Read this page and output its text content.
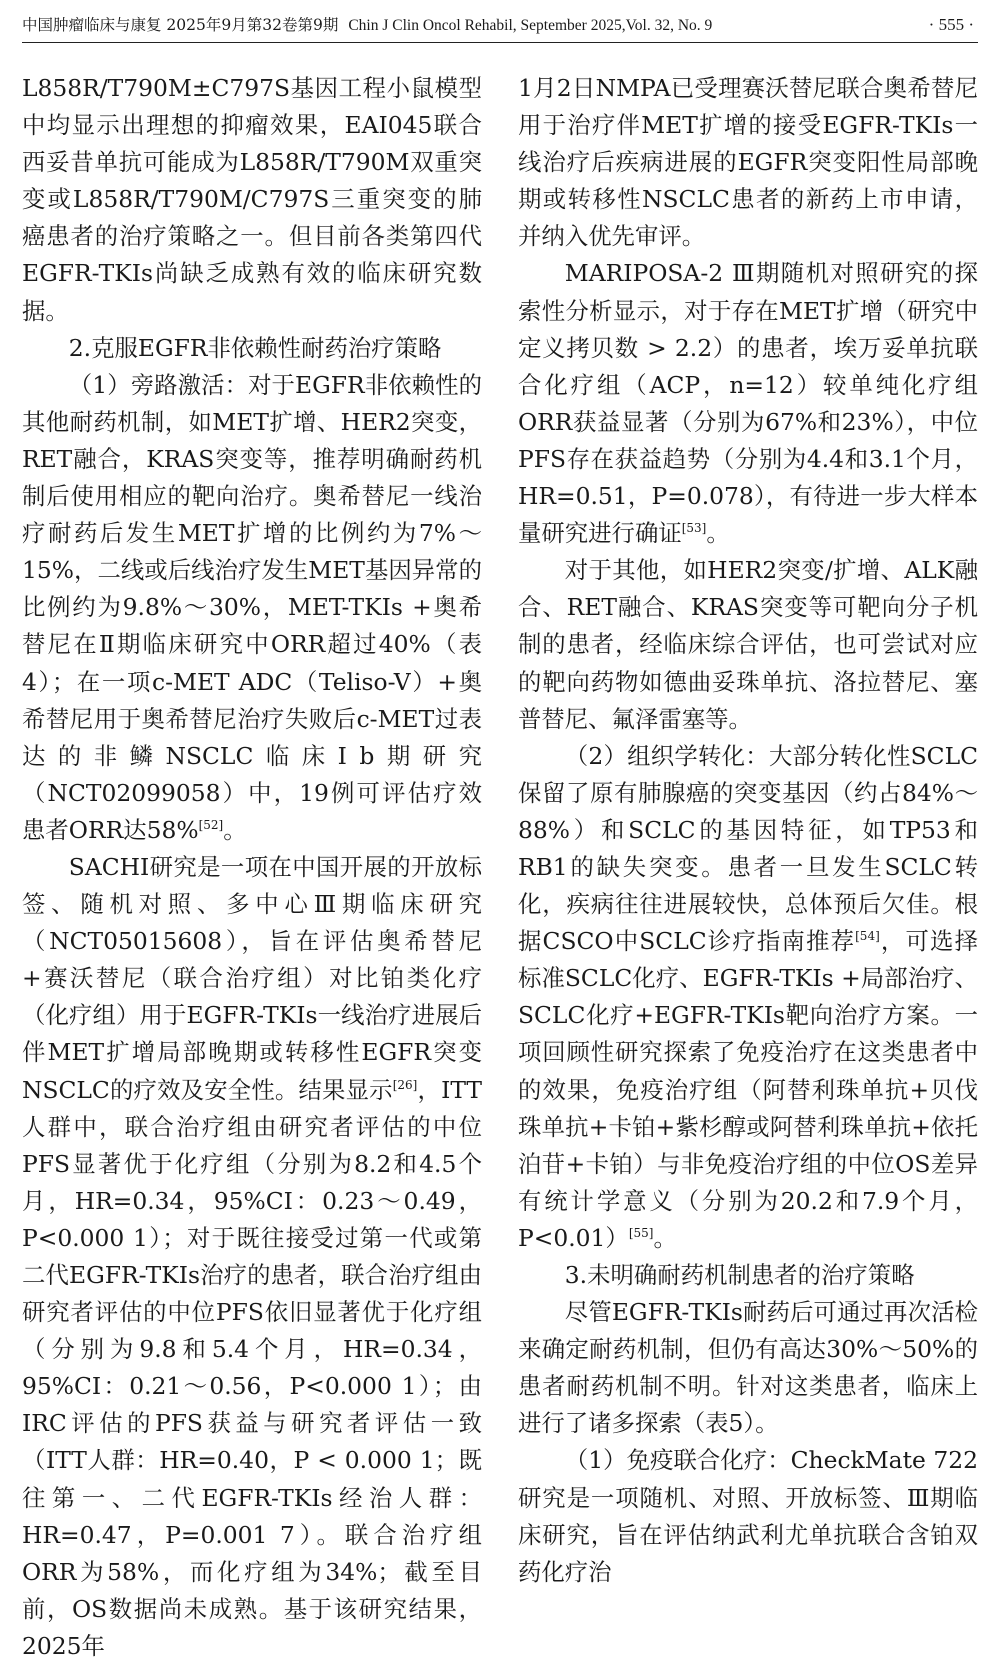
中国肿瘤临床与康复 2025年9月第32卷第9期 Chin J Clin Oncol Rehabil, September 2025,Vol. 32, No. 9	· 555 ·

L858R/T790M±C797S基因工程小鼠模型中均显示出理想的抑瘤效果，EAI045联合西妥昔单抗可能成为L858R/T790M双重突变或L858R/T790M/C797S三重突变的肺癌患者的治疗策略之一。但目前各类第四代EGFR-TKIs尚缺乏成熟有效的临床研究数据。

2.克服EGFR非依赖性耐药治疗策略

（1）旁路激活：对于EGFR非依赖性的其他耐药机制，如MET扩增、HER2突变，RET融合，KRAS突变等，推荐明确耐药机制后使用相应的靶向治疗。奥希替尼一线治疗耐药后发生MET扩增的比例约为7%～15%，二线或后线治疗发生MET基因异常的比例约为9.8%～30%，MET-TKIs +奥希替尼在Ⅱ期临床研究中ORR超过40%（表4）；在一项c-MET ADC（Teliso-V）+奥希替尼用于奥希替尼治疗失败后c-MET过表达的非鳞NSCLC临床Ⅰb期研究（NCT02099058）中，19例可评估疗效患者ORR达58%[52]。

SACHI研究是一项在中国开展的开放标签、随机对照、多中心Ⅲ期临床研究（NCT05015608），旨在评估奥希替尼+赛沃替尼（联合治疗组）对比铂类化疗（化疗组）用于EGFR-TKIs一线治疗进展后伴MET扩增局部晚期或转移性EGFR突变NSCLC的疗效及安全性。结果显示[26]，ITT人群中，联合治疗组由研究者评估的中位PFS显著优于化疗组（分别为8.2和4.5个月，HR=0.34，95%CI：0.23～0.49，P<0.000 1）；对于既往接受过第一代或第二代EGFR-TKIs治疗的患者，联合治疗组由研究者评估的中位PFS依旧显著优于化疗组（分别为9.8和5.4个月，HR=0.34，95%CI：0.21～0.56，P<0.000 1）；由IRC评估的PFS获益与研究者评估一致（ITT人群：HR=0.40，P < 0.000 1；既往第一、二代EGFR-TKIs经治人群：HR=0.47，P=0.001 7）。联合治疗组ORR为58%，而化疗组为34%；截至目前，OS数据尚未成熟。基于该研究结果，2025年

1月2日NMPA已受理赛沃替尼联合奥希替尼用于治疗伴MET扩增的接受EGFR-TKIs一线治疗后疾病进展的EGFR突变阳性局部晚期或转移性NSCLC患者的新药上市申请，并纳入优先审评。

MARIPOSA-2 Ⅲ期随机对照研究的探索性分析显示，对于存在MET扩增（研究中定义拷贝数 > 2.2）的患者，埃万妥单抗联合化疗组（ACP，n=12）较单纯化疗组ORR获益显著（分别为67%和23%），中位PFS存在获益趋势（分别为4.4和3.1个月，HR=0.51，P=0.078），有待进一步大样本量研究进行确证[53]。

对于其他，如HER2突变/扩增、ALK融合、RET融合、KRAS突变等可靶向分子机制的患者，经临床综合评估，也可尝试对应的靶向药物如德曲妥珠单抗、洛拉替尼、塞普替尼、氟泽雷塞等。

（2）组织学转化：大部分转化性SCLC保留了原有肺腺癌的突变基因（约占84%～88%）和SCLC的基因特征，如TP53和RB1的缺失突变。患者一旦发生SCLC转化，疾病往往进展较快，总体预后欠佳。根据CSCO中SCLC诊疗指南推荐[54]，可选择标准SCLC化疗、EGFR-TKIs +局部治疗、SCLC化疗+EGFR-TKIs靶向治疗方案。一项回顾性研究探索了免疫治疗在这类患者中的效果，免疫治疗组（阿替利珠单抗+贝伐珠单抗+卡铂+紫杉醇或阿替利珠单抗+依托泊苷+卡铂）与非免疫治疗组的中位OS差异有统计学意义（分别为20.2和7.9个月，P<0.01）[55]。

3.未明确耐药机制患者的治疗策略

尽管EGFR-TKIs耐药后可通过再次活检来确定耐药机制，但仍有高达30%～50%的患者耐药机制不明。针对这类患者，临床上进行了诸多探索（表5）。

（1）免疫联合化疗：CheckMate 722研究是一项随机、对照、开放标签、Ⅲ期临床研究，旨在评估纳武利尤单抗联合含铂双药化疗治
